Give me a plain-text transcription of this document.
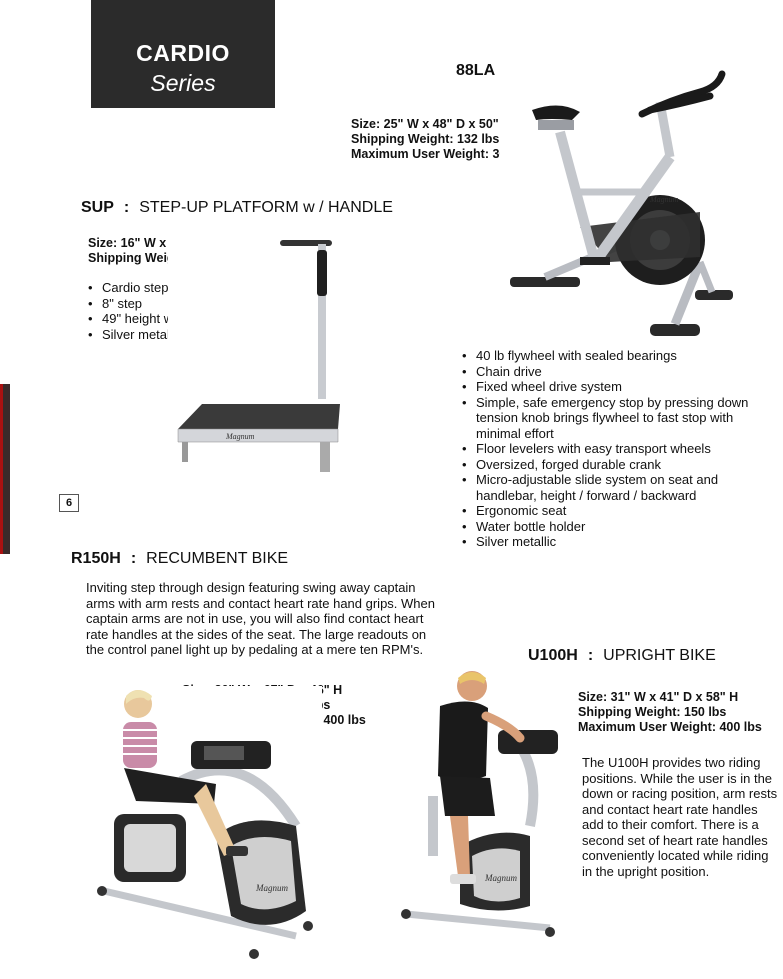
6
CARDIO
Series	88LA : EXERCISE BIKE
Size: 25" W x 48" D x 50" H
Shipping Weight: 132 lbs
Maximum User Weight: 300 lbs
Magnum
SUP : STEP-UP PLATFORM w / HANDLE
Size: 16" W x 36" D x 49" H
Shipping Weight: 75 lbs
• Cardio step-up platform
• 8" step
• 49" height w / handle
• Silver metallic
Magnum
• 40 lb flywheel with sealed bearings
• Chain drive
• Fixed wheel drive system
• Simple, safe emergency stop by pressing down tension knob brings flywheel to fast stop with minimal effort
• Floor levelers with easy transport wheels
• Oversized, forged durable crank
• Micro-adjustable slide system on seat and handlebar, height / forward / backward
• Ergonomic seat
• Water bottle holder
• Silver metallic
R150H : RECUMBENT BIKE
Inviting step through design featuring swing away captain arms with arm rests and contact heart rate hand grips. When captain arms are not in use, you will also find contact heart rate handles at the sides of the seat. The large readouts on the control panel light up by pedaling at a mere ten RPM's.
Size: 30" W x 67" D x 46" H
Shipping Weight: 210 lbs
Maximum User Weight: 400 lbs
Magnum
U100H : UPRIGHT BIKE
Size: 31" W x 41" D x 58" H
Shipping Weight: 150 lbs
Maximum User Weight: 400 lbs
The U100H provides two riding positions. While the user is in the down or racing position, arm rests and contact heart rate handles add to their comfort. There is a second set of heart rate handles conveniently located while riding in the upright position.
Magnum
